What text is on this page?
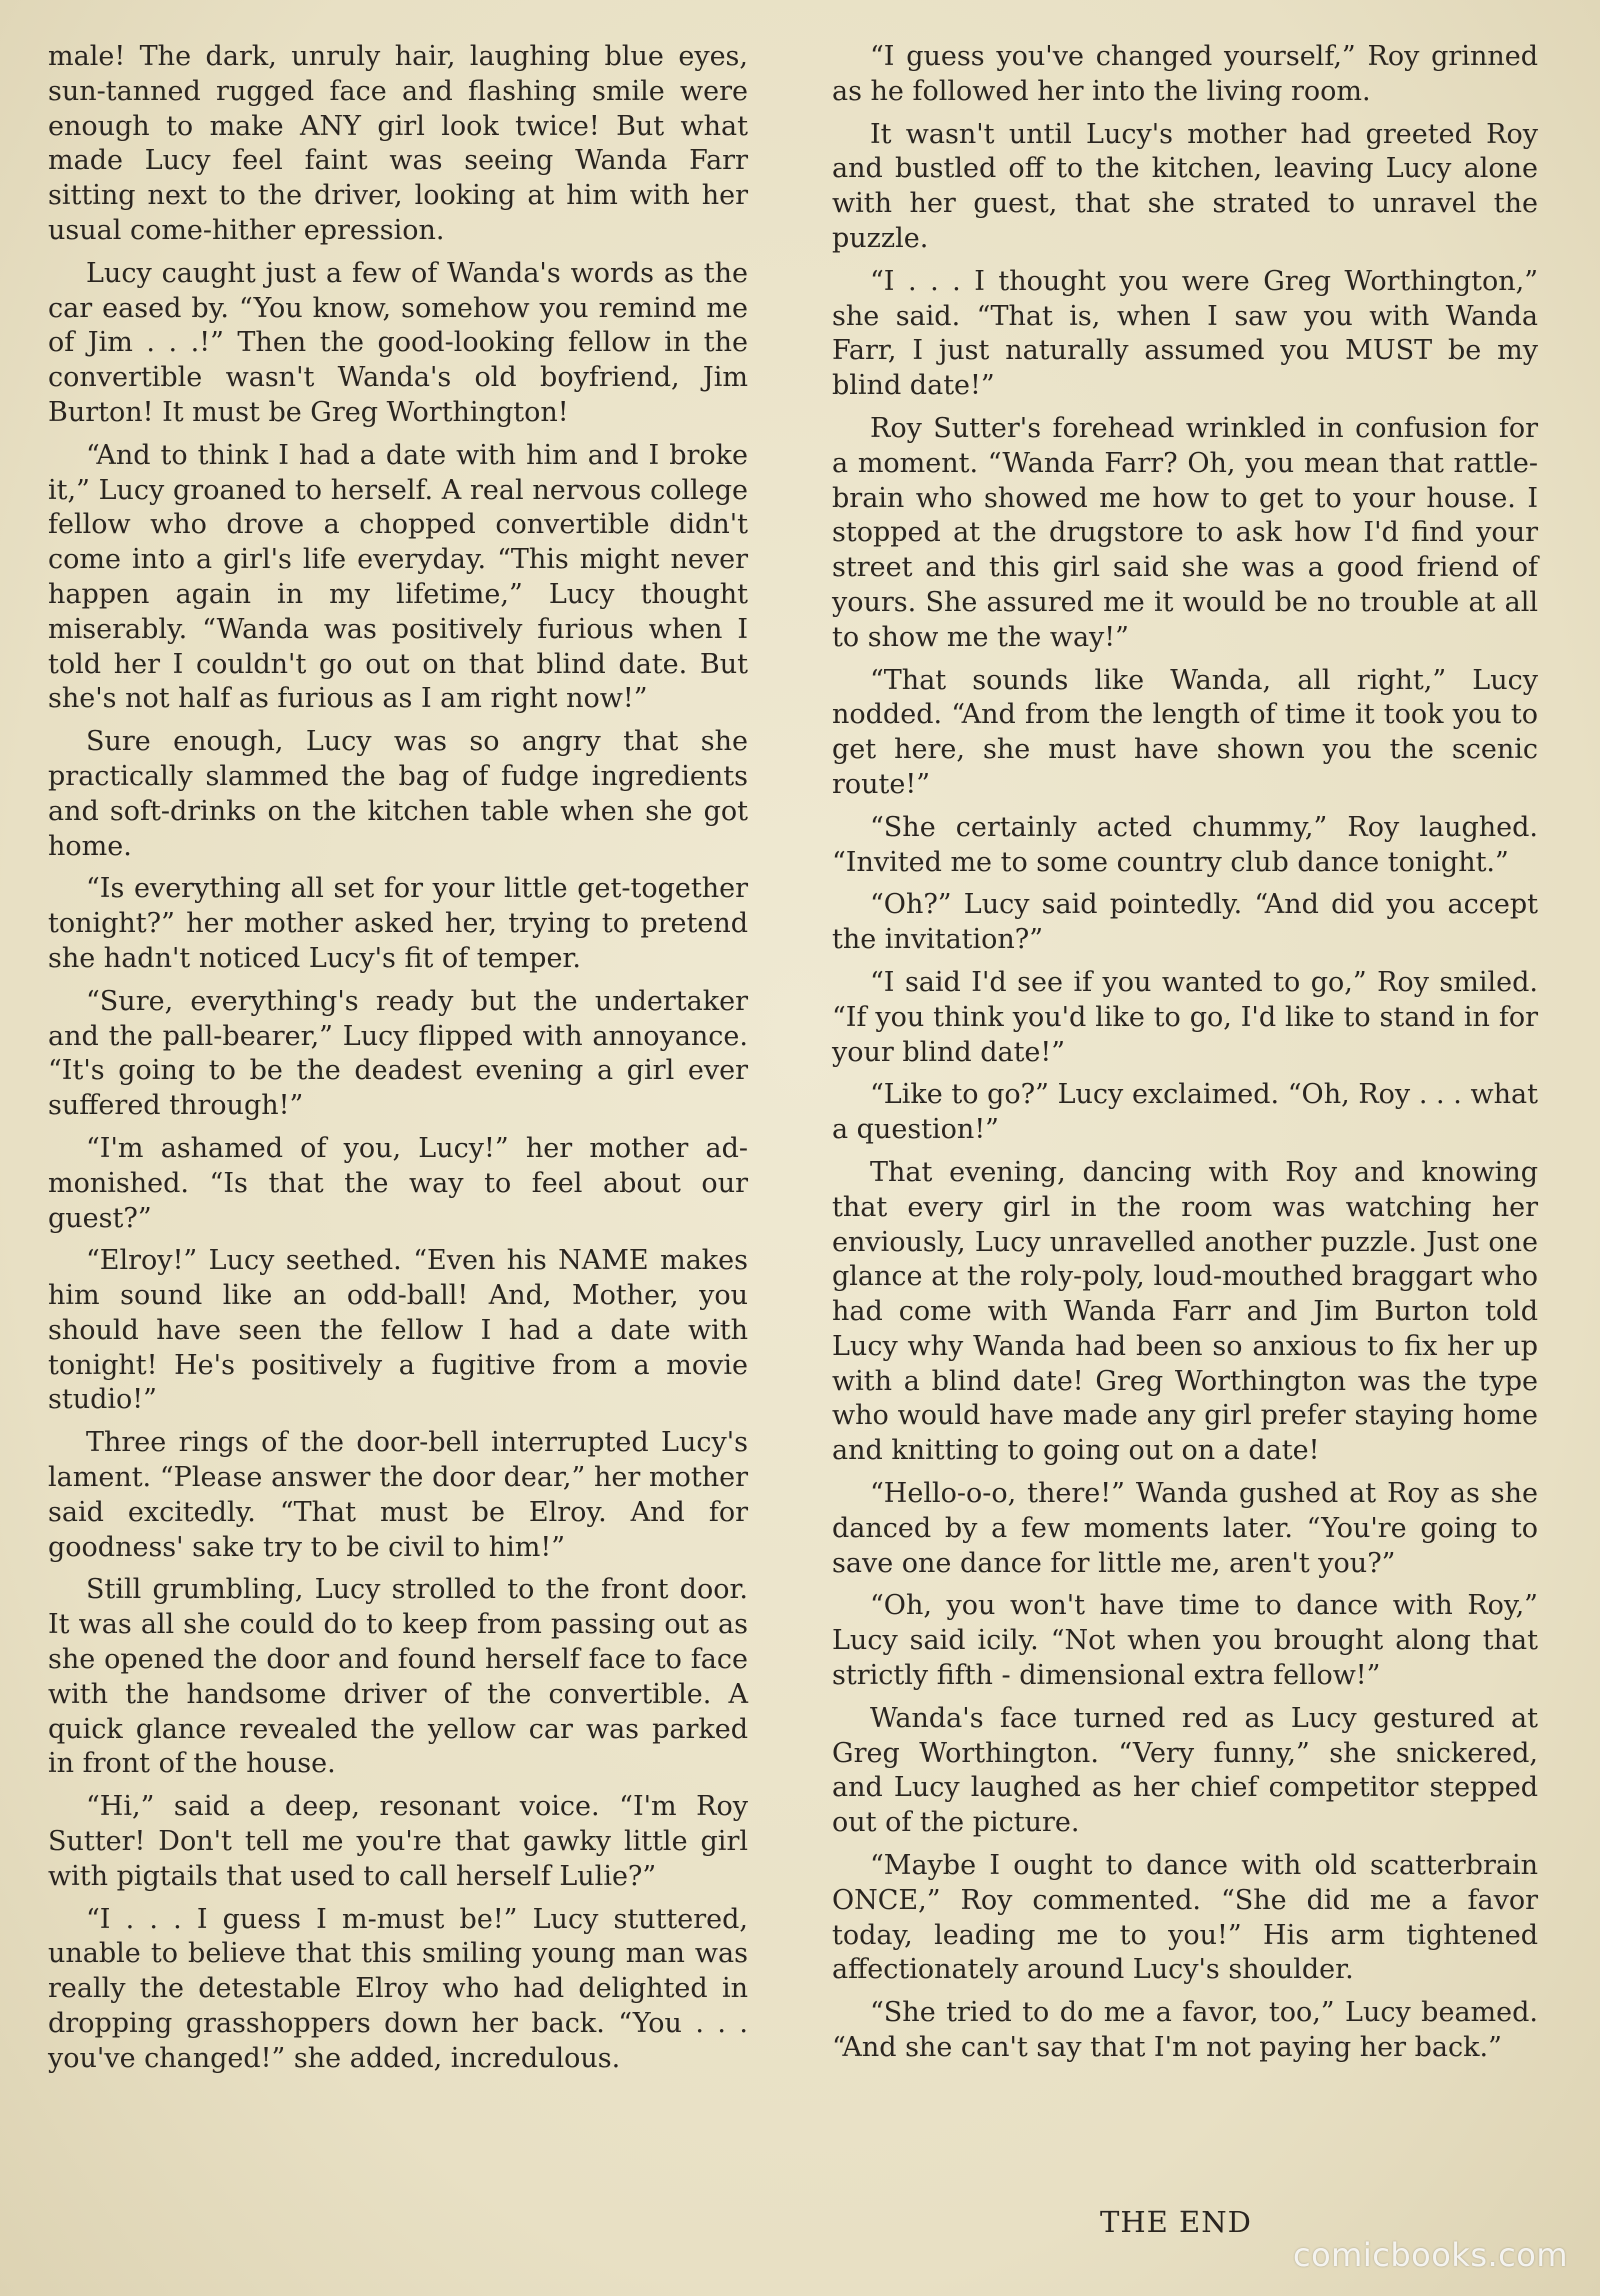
male! The dark, unruly hair, laughing blue eyes, sun-tanned rugged face and flashing smile were enough to make ANY girl look twice! But what made Lucy feel faint was seeing Wanda Farr sitting next to the driver, looking at him with her usual come-hither epression.

Lucy caught just a few of Wanda's words as the car eased by. “You know, somehow you remind me of Jim . . .!” Then the good-looking fellow in the convertible wasn't Wanda's old boyfriend, Jim Burton! It must be Greg Worthington!

“And to think I had a date with him and I broke it,” Lucy groaned to herself. A real nervous college fellow who drove a chopped convertible didn't come into a girl's life everyday. “This might never happen again in my lifetime,” Lucy thought miserably. “Wanda was positively furious when I told her I couldn't go out on that blind date. But she's not half as furious as I am right now!”

Sure enough, Lucy was so angry that she practically slammed the bag of fudge ingredients and soft-drinks on the kitchen table when she got home.

“Is everything all set for your little get-together tonight?” her mother asked her, trying to pretend she hadn't noticed Lucy's fit of temper.

“Sure, everything's ready but the undertaker and the pall-bearer,” Lucy flipped with annoyance. “It's going to be the deadest evening a girl ever suffered through!”

“I'm ashamed of you, Lucy!” her mother admonished. “Is that the way to feel about our guest?”

“Elroy!” Lucy seethed. “Even his NAME makes him sound like an odd-ball! And, Mother, you should have seen the fellow I had a date with tonight! He's positively a fugitive from a movie studio!”

Three rings of the door-bell interrupted Lucy's lament. “Please answer the door dear,” her mother said excitedly. “That must be Elroy. And for goodness' sake try to be civil to him!”

Still grumbling, Lucy strolled to the front door. It was all she could do to keep from passing out as she opened the door and found herself face to face with the handsome driver of the convertible. A quick glance revealed the yellow car was parked in front of the house.

“Hi,” said a deep, resonant voice. “I'm Roy Sutter! Don't tell me you're that gawky little girl with pigtails that used to call herself Lulie?”

“I . . . I guess I m-must be!” Lucy stuttered, unable to believe that this smiling young man was really the detestable Elroy who had delighted in dropping grasshoppers down her back. “You . . . you've changed!” she added, incredulous.

“I guess you've changed yourself,” Roy grinned as he followed her into the living room.

It wasn't until Lucy's mother had greeted Roy and bustled off to the kitchen, leaving Lucy alone with her guest, that she strated to unravel the puzzle.

“I . . . I thought you were Greg Worthington,” she said. “That is, when I saw you with Wanda Farr, I just naturally assumed you MUST be my blind date!”

Roy Sutter's forehead wrinkled in confusion for a moment. “Wanda Farr? Oh, you mean that rattle-brain who showed me how to get to your house. I stopped at the drugstore to ask how I'd find your street and this girl said she was a good friend of yours. She assured me it would be no trouble at all to show me the way!”

“That sounds like Wanda, all right,” Lucy nodded. “And from the length of time it took you to get here, she must have shown you the scenic route!”

“She certainly acted chummy,” Roy laughed. “Invited me to some country club dance tonight.”

“Oh?” Lucy said pointedly. “And did you accept the invitation?”

“I said I'd see if you wanted to go,” Roy smiled. “If you think you'd like to go, I'd like to stand in for your blind date!”

“Like to go?” Lucy exclaimed. “Oh, Roy . . . what a question!”

That evening, dancing with Roy and knowing that every girl in the room was watching her enviously, Lucy unravelled another puzzle. Just one glance at the roly-poly, loud-mouthed braggart who had come with Wanda Farr and Jim Burton told Lucy why Wanda had been so anxious to fix her up with a blind date! Greg Worthington was the type who would have made any girl prefer staying home and knitting to going out on a date!

“Hello-o-o, there!” Wanda gushed at Roy as she danced by a few moments later. “You're going to save one dance for little me, aren't you?”

“Oh, you won't have time to dance with Roy,” Lucy said icily. “Not when you brought along that strictly fifth - dimensional extra fellow!”

Wanda's face turned red as Lucy gestured at Greg Worthington. “Very funny,” she snickered, and Lucy laughed as her chief competitor stepped out of the picture.

“Maybe I ought to dance with old scatterbrain ONCE,” Roy commented. “She did me a favor today, leading me to you!” His arm tightened affectionately around Lucy's shoulder.

“She tried to do me a favor, too,” Lucy beamed. “And she can't say that I'm not paying her back.”

THE END
comicbooks.com
